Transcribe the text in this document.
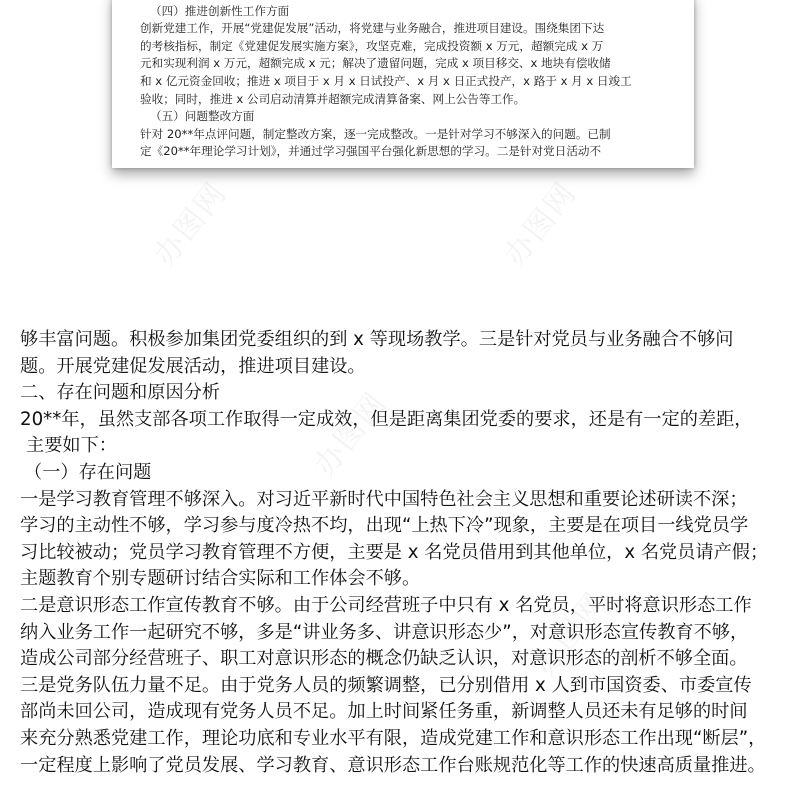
办图网	办图网
办图网
办图网
（四）推进创新性工作方面
创新党建工作，开展“党建促发展”活动，将党建与业务融合，推进项目建设。围绕集团下达
的考核指标，制定《党建促发展实施方案》，攻坚克难，完成投资额 x 万元，超额完成 x 万
元和实现利润 x 万元，超额完成 x 元；解决了遗留问题，完成 x 项目移交、x 地块有偿收储
和 x 亿元资金回收；推进 x 项目于 x 月 x 日试投产、x 月 x 日正式投产，x 路于 x 月 x 日竣工
验收；同时，推进 x 公司启动清算并超额完成清算备案、网上公告等工作。
（五）问题整改方面
针对 20**年点评问题，制定整改方案，逐一完成整改。一是针对学习不够深入的问题。已制
定《20**年理论学习计划》，并通过学习强国平台强化新思想的学习。二是针对党日活动不
够丰富问题。积极参加集团党委组织的到 x 等现场教学。三是针对党员与业务融合不够问
题。开展党建促发展活动，推进项目建设。
二、存在问题和原因分析
20**年，虽然支部各项工作取得一定成效，但是距离集团党委的要求，还是有一定的差距，
主要如下：
（一）存在问题
一是学习教育管理不够深入。对习近平新时代中国特色社会主义思想和重要论述研读不深；
学习的主动性不够，学习参与度冷热不均，出现“上热下冷”现象，主要是在项目一线党员学
习比较被动；党员学习教育管理不方便，主要是 x 名党员借用到其他单位，x 名党员请产假；
主题教育个别专题研讨结合实际和工作体会不够。
二是意识形态工作宣传教育不够。由于公司经营班子中只有 x 名党员，平时将意识形态工作
纳入业务工作一起研究不够，多是“讲业务多、讲意识形态少”，对意识形态宣传教育不够，
造成公司部分经营班子、职工对意识形态的概念仍缺乏认识，对意识形态的剖析不够全面。
三是党务队伍力量不足。由于党务人员的频繁调整，已分别借用 x 人到市国资委、市委宣传
部尚未回公司，造成现有党务人员不足。加上时间紧任务重，新调整人员还未有足够的时间
来充分熟悉党建工作，理论功底和专业水平有限，造成党建工作和意识形态工作出现“断层”，
一定程度上影响了党员发展、学习教育、意识形态工作台账规范化等工作的快速高质量推进。
